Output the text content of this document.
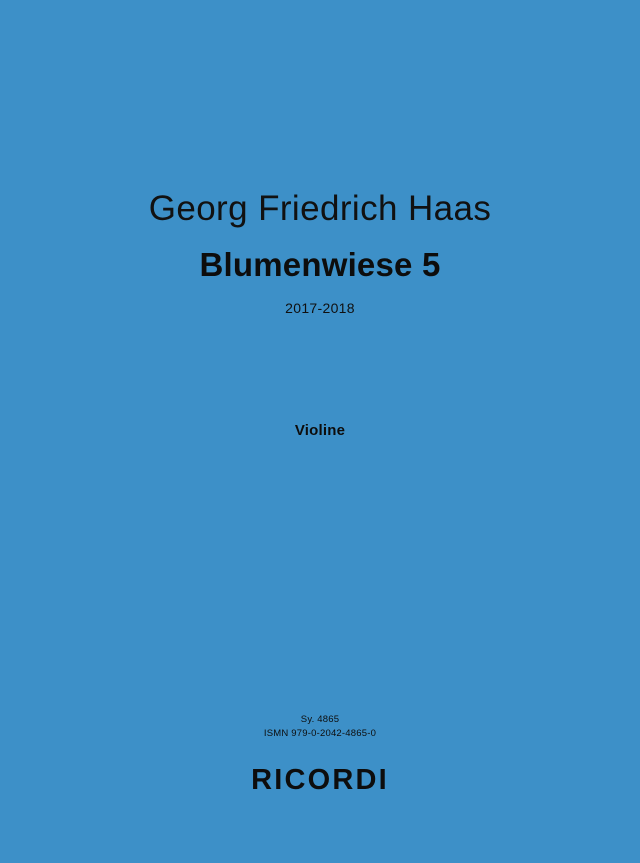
Georg Friedrich Haas
Blumenwiese 5
2017-2018
Violine
Sy. 4865
ISMN 979-0-2042-4865-0
RICORDI
